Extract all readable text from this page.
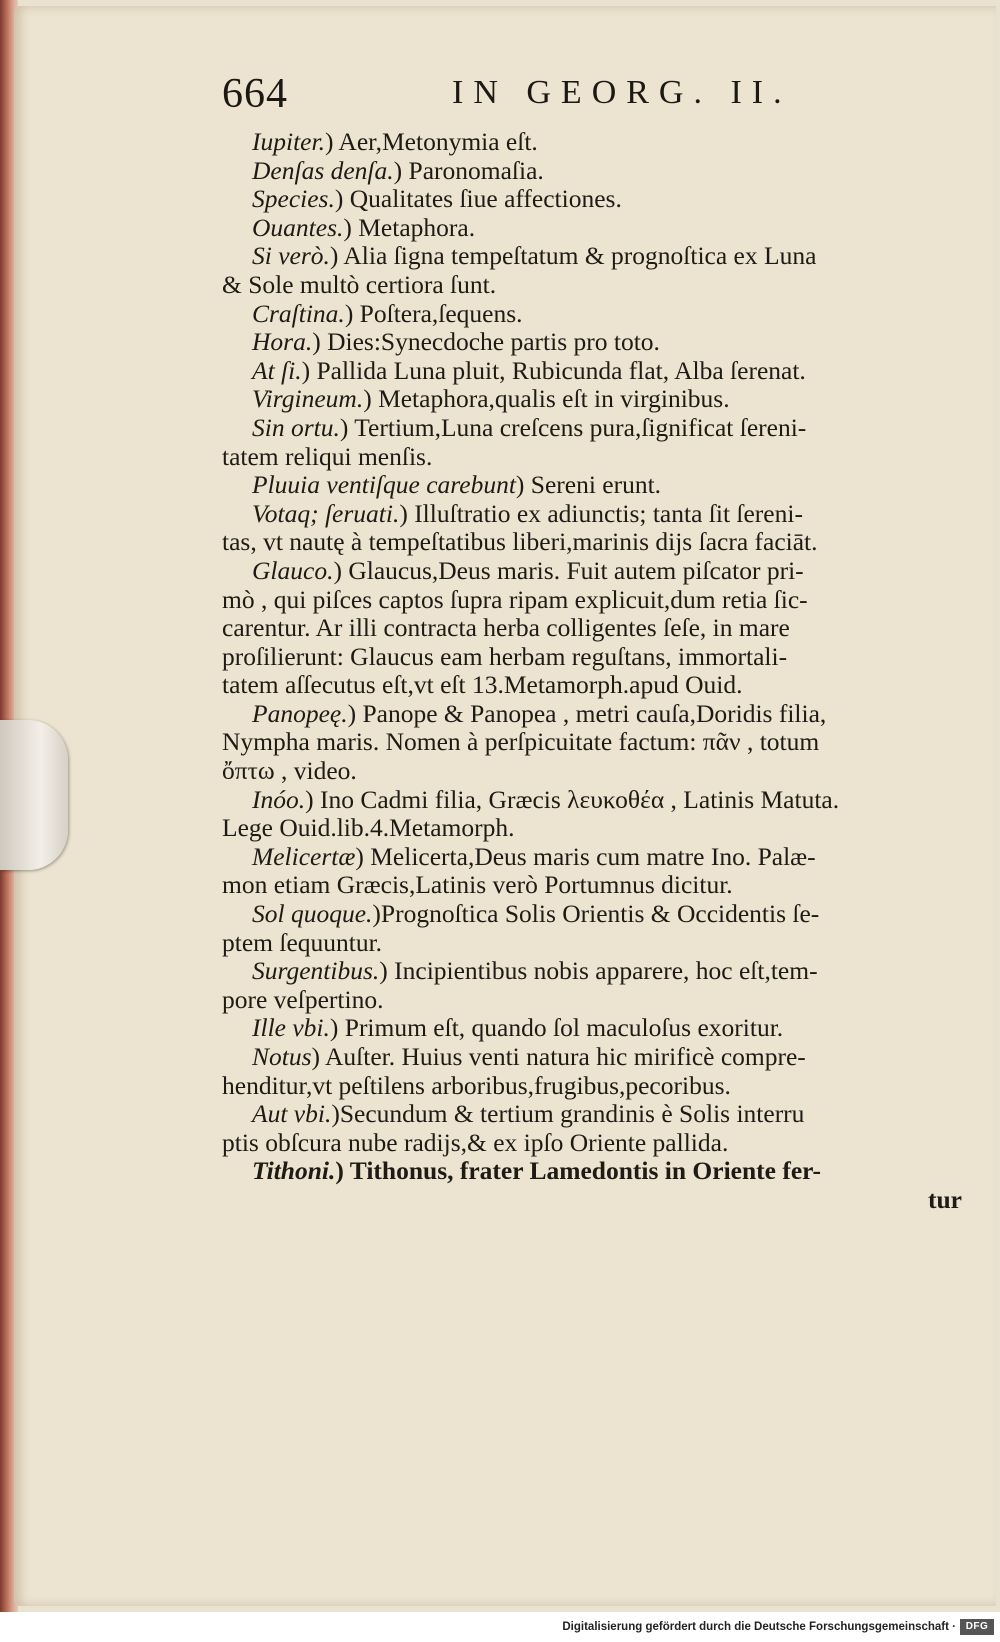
664	IN GEORG. II.
Iupiter.) Aer,Metonymia eſt.
Denſas denſa.) Paronomaſia.
Species.) Qualitates ſiue affectiones.
Ouantes.) Metaphora.
Si verò.) Alia ſigna tempeſtatum & prognoſtica ex Luna
& Sole multò certiora ſunt.
Craſtina.) Poſtera,ſequens.
Hora.) Dies:Synecdoche partis pro toto.
At ſi.) Pallida Luna pluit, Rubicunda flat, Alba ſerenat.
Virgineum.) Metaphora,qualis eſt in virginibus.
Sin ortu.) Tertium,Luna creſcens pura,ſignificat ſereni-
tatem reliqui menſis.
Pluuia ventiſque carebunt) Sereni erunt.
Votaq; ſeruati.) Illuſtratio ex adiunctis; tanta ſit ſereni-
tas, vt nautę à tempeſtatibus liberi,marinis dijs ſacra faciāt.
Glauco.) Glaucus,Deus maris. Fuit autem piſcator pri-
mò , qui piſces captos ſupra ripam explicuit,dum retia ſic-
carentur. Ar illi contracta herba colligentes ſeſe, in mare
proſilierunt: Glaucus eam herbam reguſtans, immortali-
tatem aſſecutus eſt,vt eſt 13.Metamorph.apud Ouid.
Panopeę.) Panope & Panopea , metri cauſa,Doridis filia,
Nympha maris. Nomen à perſpicuitate factum: πᾶν , totum
ὄπτω , video.
Inóo.) Ino Cadmi filia, Græcis λευκοθέα , Latinis Matuta.
Lege Ouid.lib.4.Metamorph.
Melicertæ) Melicerta,Deus maris cum matre Ino. Palæ-
mon etiam Græcis,Latinis verò Portumnus dicitur.
Sol quoque.)Prognoſtica Solis Orientis & Occidentis ſe-
ptem ſequuntur.
Surgentibus.) Incipientibus nobis apparere, hoc eſt,tem-
pore veſpertino.
Ille vbi.) Primum eſt, quando ſol maculoſus exoritur.
Notus) Auſter. Huius venti natura hic mirificè compre-
henditur,vt peſtilens arboribus,frugibus,pecoribus.
Aut vbi.)Secundum & tertium grandinis è Solis interru
ptis obſcura nube radijs,& ex ipſo Oriente pallida.
Tithoni.) Tithonus, frater Lamedontis in Oriente fer-
tur
Digitalisierung gefördert durch die Deutsche Forschungsgemeinschaft · DFG
